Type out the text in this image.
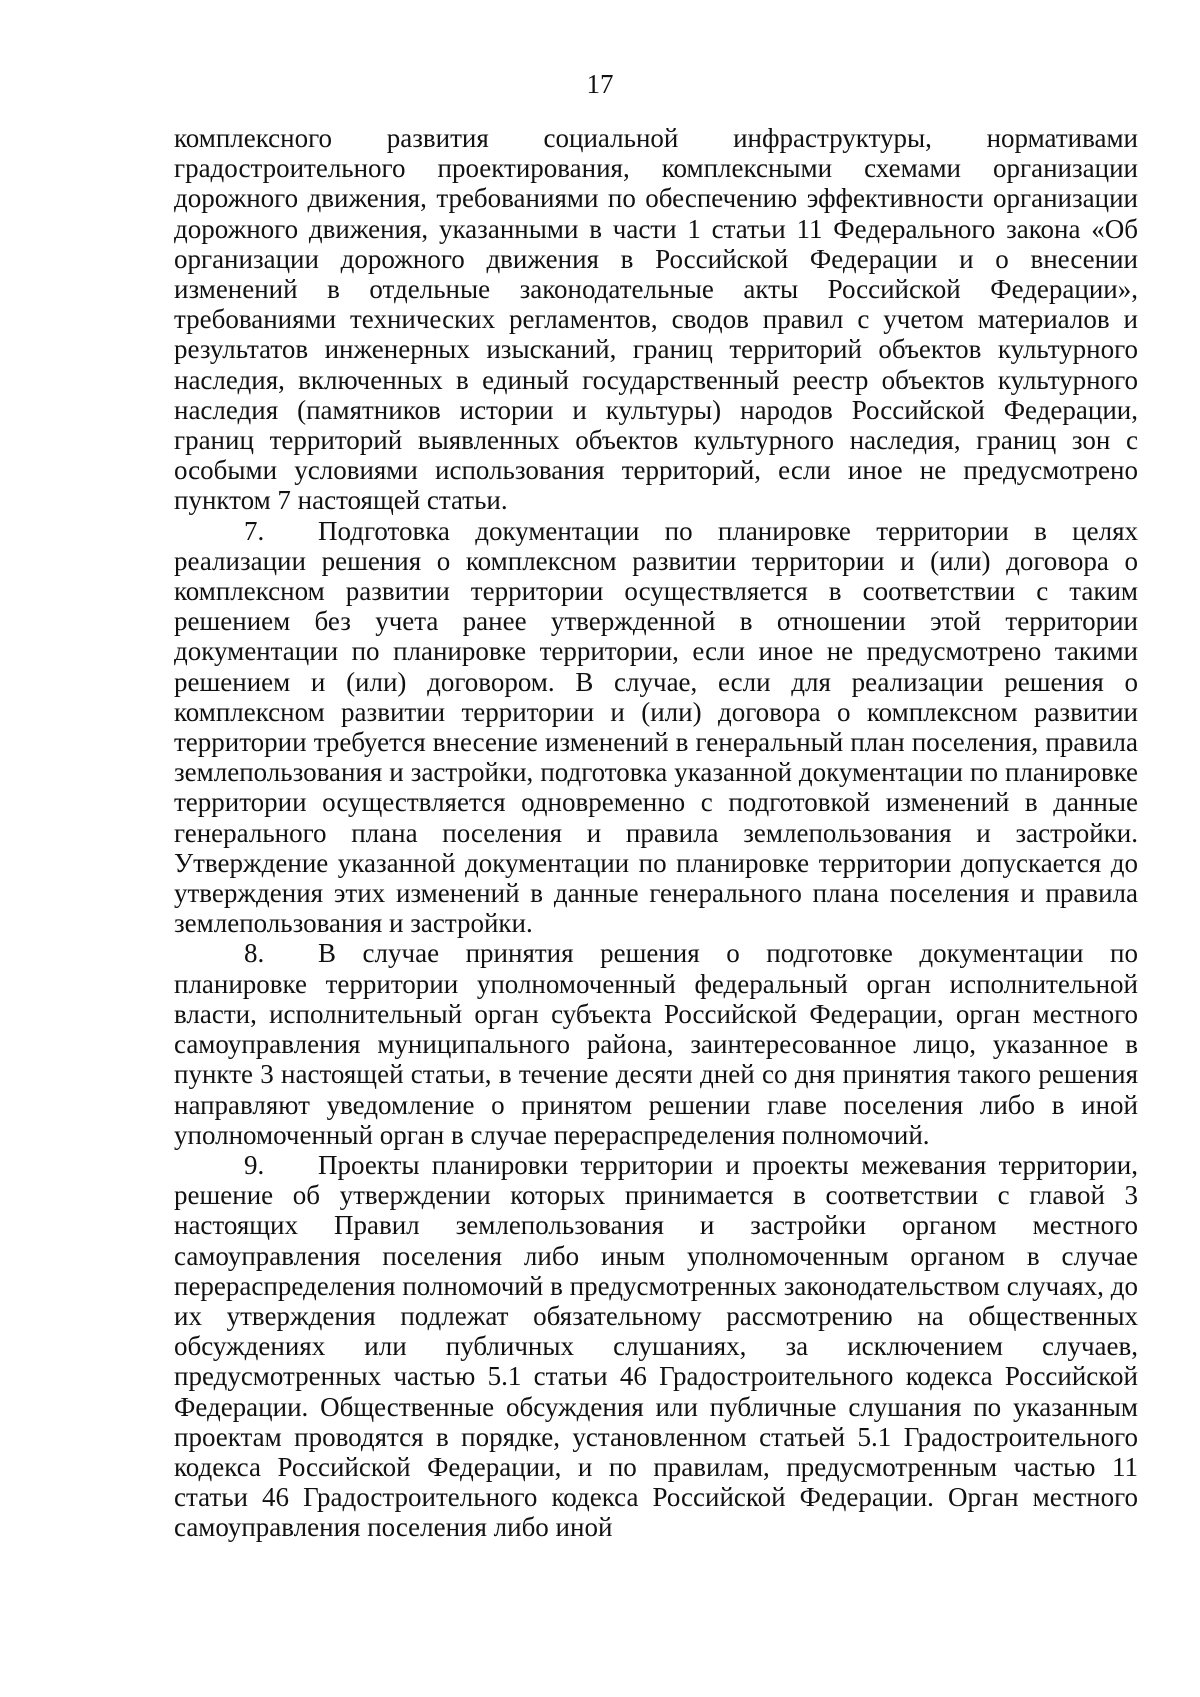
17

комплексного развития социальной инфраструктуры, нормативами градостроительного проектирования, комплексными схемами организации дорожного движения, требованиями по обеспечению эффективности организации дорожного движения, указанными в части 1 статьи 11 Федерального закона «Об организации дорожного движения в Российской Федерации и о внесении изменений в отдельные законодательные акты Российской Федерации», требованиями технических регламентов, сводов правил с учетом материалов и результатов инженерных изысканий, границ территорий объектов культурного наследия, включенных в единый государственный реестр объектов культурного наследия (памятников истории и культуры) народов Российской Федерации, границ территорий выявленных объектов культурного наследия, границ зон с особыми условиями использования территорий, если иное не предусмотрено пунктом 7 настоящей статьи.

7. Подготовка документации по планировке территории в целях реализации решения о комплексном развитии территории и (или) договора о комплексном развитии территории осуществляется в соответствии с таким решением без учета ранее утвержденной в отношении этой территории документации по планировке территории, если иное не предусмотрено такими решением и (или) договором. В случае, если для реализации решения о комплексном развитии территории и (или) договора о комплексном развитии территории требуется внесение изменений в генеральный план поселения, правила землепользования и застройки, подготовка указанной документации по планировке территории осуществляется одновременно с подготовкой изменений в данные генерального плана поселения и правила землепользования и застройки. Утверждение указанной документации по планировке территории допускается до утверждения этих изменений в данные генерального плана поселения и правила землепользования и застройки.

8. В случае принятия решения о подготовке документации по планировке территории уполномоченный федеральный орган исполнительной власти, исполнительный орган субъекта Российской Федерации, орган местного самоуправления муниципального района, заинтересованное лицо, указанное в пункте 3 настоящей статьи, в течение десяти дней со дня принятия такого решения направляют уведомление о принятом решении главе поселения либо в иной уполномоченный орган в случае перераспределения полномочий.

9. Проекты планировки территории и проекты межевания территории, решение об утверждении которых принимается в соответствии с главой 3 настоящих Правил землепользования и застройки органом местного самоуправления поселения либо иным уполномоченным органом в случае перераспределения полномочий в предусмотренных законодательством случаях, до их утверждения подлежат обязательному рассмотрению на общественных обсуждениях или публичных слушаниях, за исключением случаев, предусмотренных частью 5.1 статьи 46 Градостроительного кодекса Российской Федерации. Общественные обсуждения или публичные слушания по указанным проектам проводятся в порядке, установленном статьей 5.1 Градостроительного кодекса Российской Федерации, и по правилам, предусмотренным частью 11 статьи 46 Градостроительного кодекса Российской Федерации. Орган местного самоуправления поселения либо иной
